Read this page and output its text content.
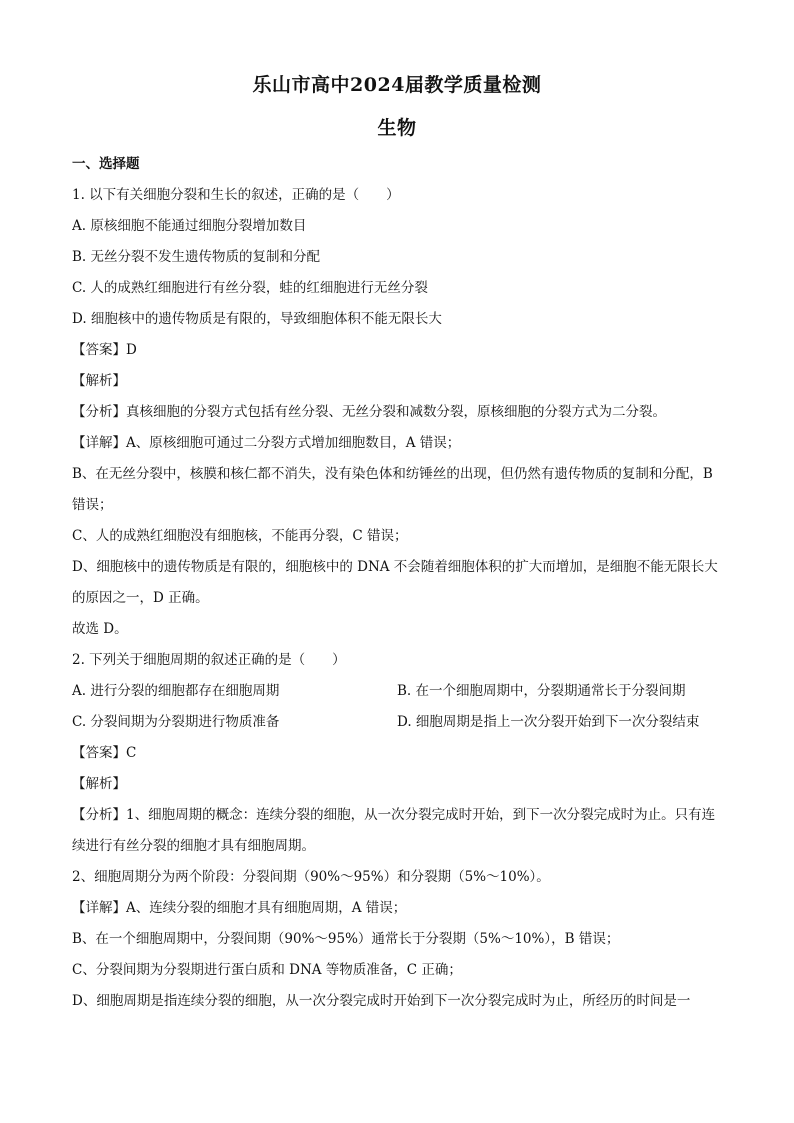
乐山市高中2024届教学质量检测
生物
一、选择题
1. 以下有关细胞分裂和生长的叙述，正确的是（　　）
A. 原核细胞不能通过细胞分裂增加数目
B. 无丝分裂不发生遗传物质的复制和分配
C. 人的成熟红细胞进行有丝分裂，蛙的红细胞进行无丝分裂
D. 细胞核中的遗传物质是有限的，导致细胞体积不能无限长大
【答案】D
【解析】
【分析】真核细胞的分裂方式包括有丝分裂、无丝分裂和减数分裂，原核细胞的分裂方式为二分裂。
【详解】A、原核细胞可通过二分裂方式增加细胞数目，A 错误；
B、在无丝分裂中，核膜和核仁都不消失，没有染色体和纺锤丝的出现，但仍然有遗传物质的复制和分配，B 错误；
C、人的成熟红细胞没有细胞核，不能再分裂，C 错误；
D、细胞核中的遗传物质是有限的，细胞核中的 DNA 不会随着细胞体积的扩大而增加，是细胞不能无限长大的原因之一，D 正确。
故选 D。
2. 下列关于细胞周期的叙述正确的是（　　）
A. 进行分裂的细胞都存在细胞周期	B. 在一个细胞周期中，分裂期通常长于分裂间期
C. 分裂间期为分裂期进行物质准备	D. 细胞周期是指上一次分裂开始到下一次分裂结束
【答案】C
【解析】
【分析】1、细胞周期的概念：连续分裂的细胞，从一次分裂完成时开始，到下一次分裂完成时为止。只有连续进行有丝分裂的细胞才具有细胞周期。
2、细胞周期分为两个阶段：分裂间期（90%～95%）和分裂期（5%～10%）。
【详解】A、连续分裂的细胞才具有细胞周期，A 错误；
B、在一个细胞周期中，分裂间期（90%～95%）通常长于分裂期（5%～10%），B 错误；
C、分裂间期为分裂期进行蛋白质和 DNA 等物质准备，C 正确；
D、细胞周期是指连续分裂的细胞，从一次分裂完成时开始到下一次分裂完成时为止，所经历的时间是一
